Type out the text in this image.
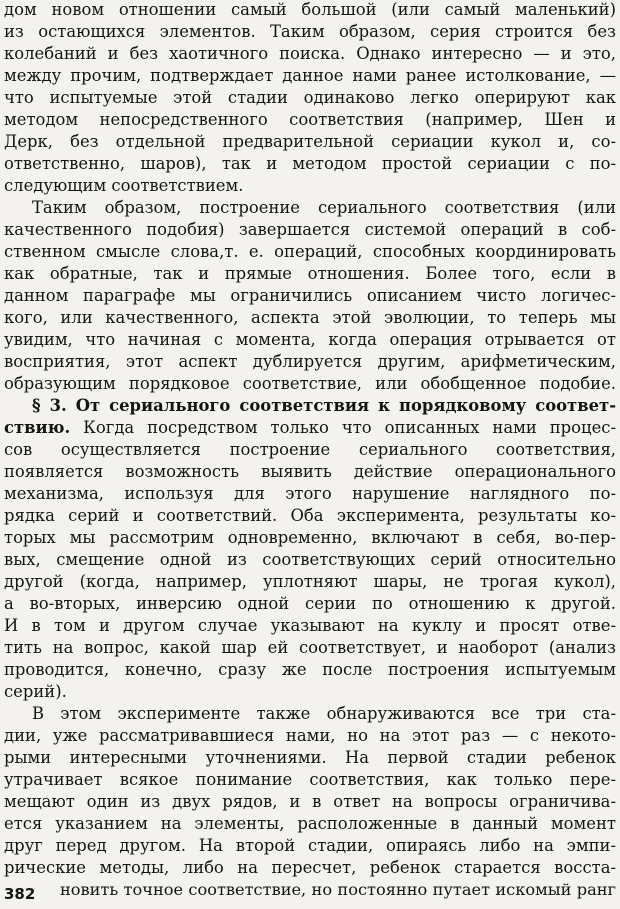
дом новом отношении самый большой (или самый маленький)
из остающихся элементов. Таким образом, серия строится без
колебаний и без хаотичного поиска. Однако интересно — и это,
между прочим, подтверждает данное нами ранее истолкование, —
что испытуемые этой стадии одинаково легко оперируют как
методом непосредственного соответствия (например, Шен и
Дерк, без отдельной предварительной сериации кукол и, со-
ответственно, шаров), так и методом простой сериации с по-
следующим соответствием.
Таким образом, построение сериального соответствия (или
качественного подобия) завершается системой операций в соб-
ственном смысле слова,т. е. операций, способных координировать
как обратные, так и прямые отношения. Более того, если в
данном параграфе мы ограничились описанием чисто логичес-
кого, или качественного, аспекта этой эволюции, то теперь мы
увидим, что начиная с момента, когда операция отрывается от
восприятия, этот аспект дублируется другим, арифметическим,
образующим порядковое соответствие, или обобщенное подобие.
§ 3. От сериального соответствия к порядковому соответ-
ствию. Когда посредством только что описанных нами процес-
сов осуществляется построение сериального соответствия,
появляется возможность выявить действие операционального
механизма, используя для этого нарушение наглядного по-
рядка серий и соответствий. Оба эксперимента, результаты ко-
торых мы рассмотрим одновременно, включают в себя, во-пер-
вых, смещение одной из соответствующих серий относительно
другой (когда, например, уплотняют шары, не трогая кукол),
а во-вторых, инверсию одной серии по отношению к другой.
И в том и другом случае указывают на куклу и просят отве-
тить на вопрос, какой шар ей соответствует, и наоборот (анализ
проводится, конечно, сразу же после построения испытуемым
серий).
В этом эксперименте также обнаруживаются все три ста-
дии, уже рассматривавшиеся нами, но на этот раз — с некото-
рыми интересными уточнениями. На первой стадии ребенок
утрачивает всякое понимание соответствия, как только пере-
мещают один из двух рядов, и в ответ на вопросы ограничива-
ется указанием на элементы, расположенные в данный момент
друг перед другом. На второй стадии, опираясь либо на эмпи-
рические методы, либо на пересчет, ребенок старается восста-
новить точное соответствие, но постоянно путает искомый ранг
382
